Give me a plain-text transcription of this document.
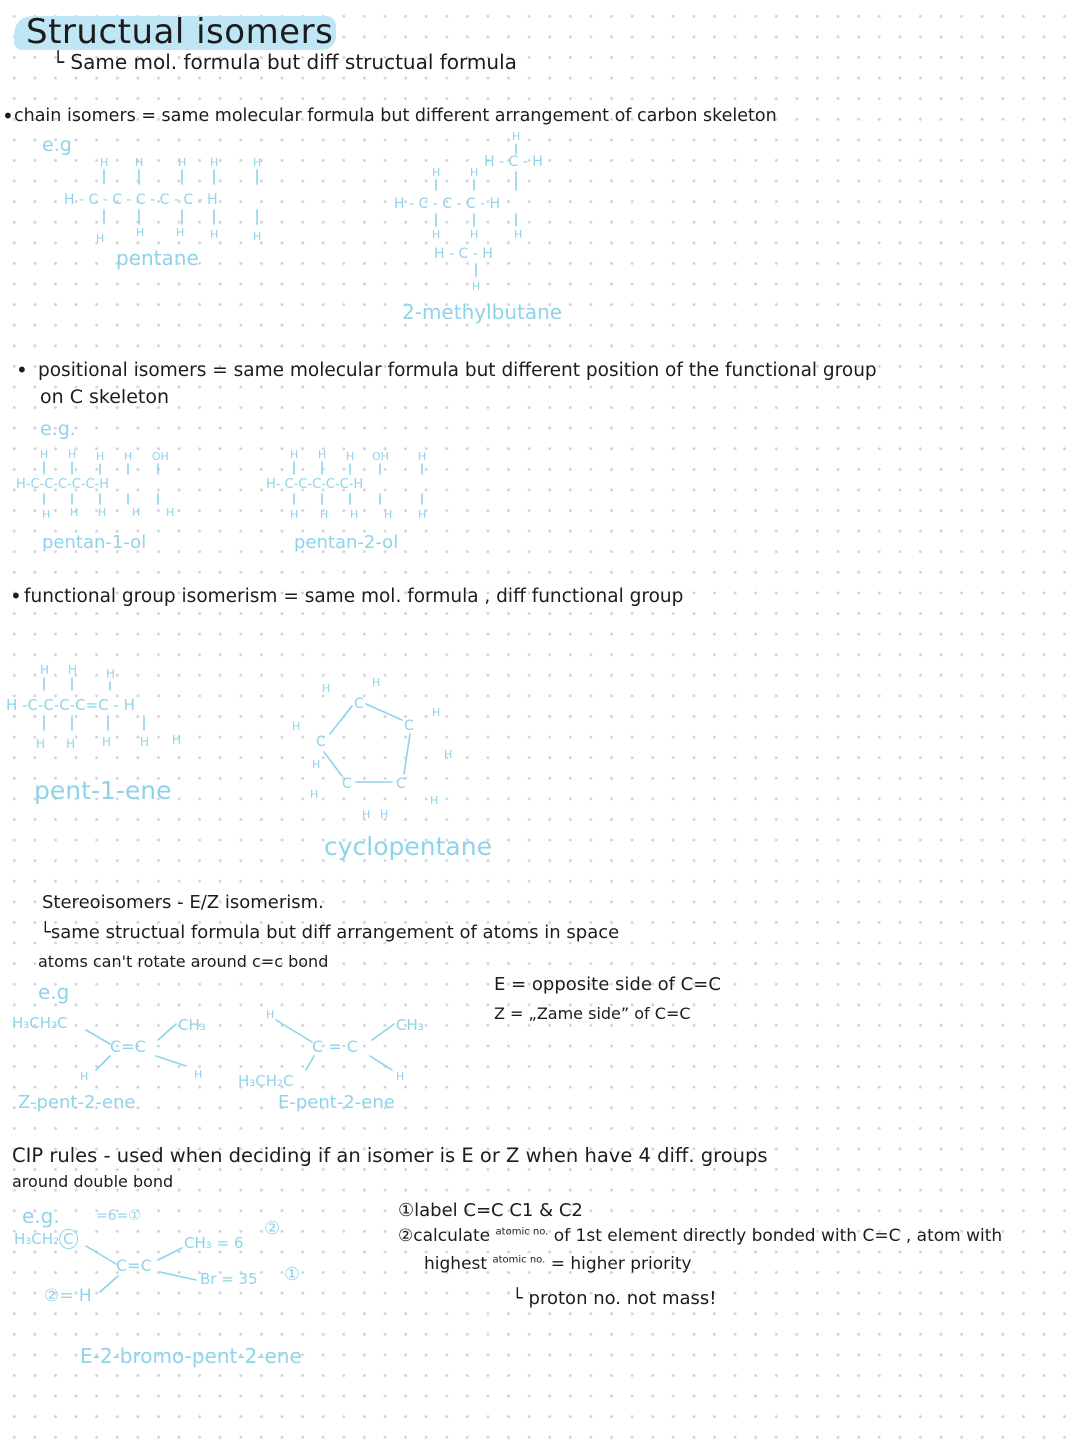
Structual isomers
└ Same mol. formula but diff structual formula
• chain isomers = same molecular formula but different arrangement of carbon skeleton
e.g
H H	H H	H
H - C - C - C - C - C - H
H	H	H H	H
pentane
H
H - C - H
H	H
H - C - C - C - H
H	H	H
H - C - H
H
2-methylbutane
• positional isomers = same molecular formula but different position of the functional group
on C skeleton
e.g.
H H H H OH
H-C-C-C-C-C-H
H H H H H
pentan-1-ol
H H H OH	H
H- C-C-C-C-C-H
H H H H H
pentan-2-ol
• functional group isomerism = same mol. formula , diff functional group
H H H
H -C-C-C-C=C - H
H H H H H
pent-1-ene
H	H
C
C
C
C	C
H
H
H
H
H
H H
H
cyclopentane
Stereoisomers - E/Z isomerism.
└same structual formula but diff arrangement of atoms in space
atoms can't rotate around c=c bond
E = opposite side of C=C
Z = „Zame side” of C=C
e.g
H₃CH₂C	CH₃
C=C
H	H
Z-pent-2-ene
H
CH₃
C = C
H₃CH₂C	H
E-pent-2-ene
CIP rules - used when deciding if an isomer is E or Z when have 4 diff. groups
around double bond
e.g.	①label C=C C1 & C2
②calculate $^{atomic no.}$ of 1st element directly bonded with C=C , atom with
highest $^{atomic no.}$ = higher priority
└ proton no. not mass!
=6=①
H₃CH₂ C	CH₃ = 6
②
C=C
Br = 35 ①
②= H
E-2-bromo-pent-2-ene
